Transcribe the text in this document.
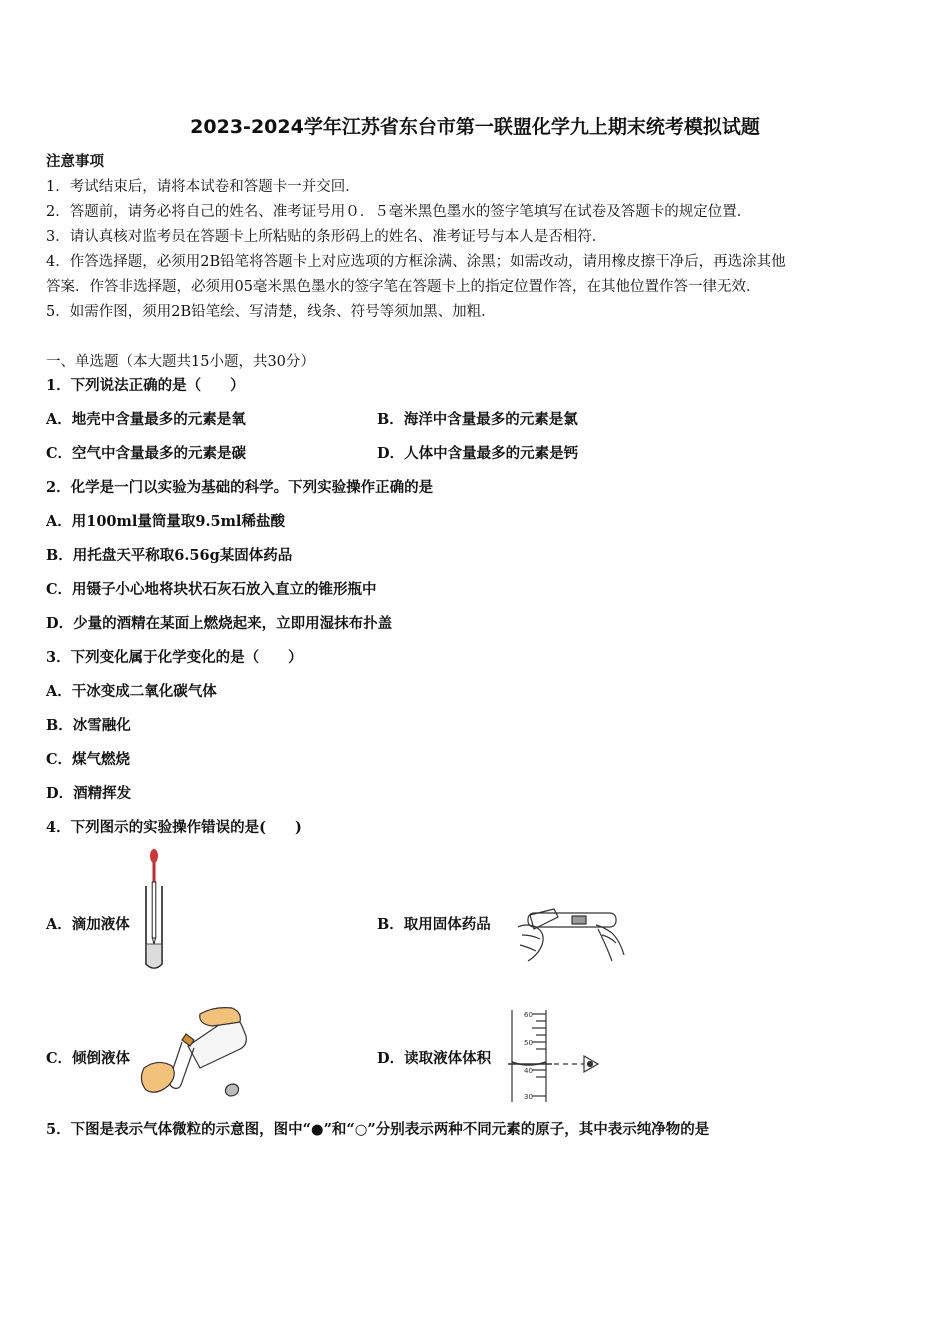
2023-2024学年江苏省东台市第一联盟化学九上期末统考模拟试题
注意事项
1．考试结束后，请将本试卷和答题卡一并交回．
2．答题前，请务必将自己的姓名、准考证号用０．５毫米黑色墨水的签字笔填写在试卷及答题卡的规定位置．
3．请认真核对监考员在答题卡上所粘贴的条形码上的姓名、准考证号与本人是否相符．
4．作答选择题，必须用2B铅笔将答题卡上对应选项的方框涂满、涂黑；如需改动，请用橡皮擦干净后，再选涂其他
答案．作答非选择题，必须用05毫米黑色墨水的签字笔在答题卡上的指定位置作答，在其他位置作答一律无效．
5．如需作图，须用2B铅笔绘、写清楚，线条、符号等须加黑、加粗．
一、单选题（本大题共15小题，共30分）
1．下列说法正确的是（　　）
A．地壳中含量最多的元素是氧	B．海洋中含量最多的元素是氯
C．空气中含量最多的元素是碳	D．人体中含量最多的元素是钙
2．化学是一门以实验为基础的科学。下列实验操作正确的是
A．用100ml量筒量取9.5ml稀盐酸
B．用托盘天平称取6.56g某固体药品
C．用镊子小心地将块状石灰石放入直立的锥形瓶中
D．少量的酒精在某面上燃烧起来，立即用湿抹布扑盖
3．下列变化属于化学变化的是（　　）
A．干冰变成二氧化碳气体
B．冰雪融化
C．煤气燃烧
D．酒精挥发
4．下列图示的实验操作错误的是(　　)
A．滴加液体	B．取用固体药品
C．倾倒液体	D．读取液体体积
60
50
40
30
5．下图是表示气体微粒的示意图，图中“●”和“○”分别表示两种不同元素的原子，其中表示纯净物的是
